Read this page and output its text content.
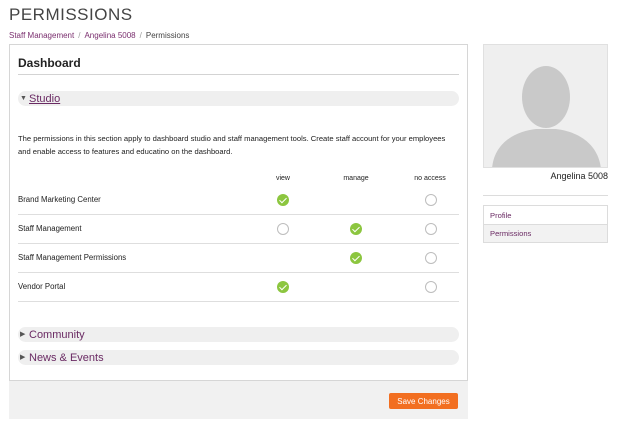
PERMISSIONS
Staff Management / Angelina 5008 / Permissions
Dashboard
▼ Studio

The permissions in this section apply to dashboard studio and staff management tools. Create staff account for your employees and enable access to features and educatino on the dashboard.

view	manage	no access
Brand Marketing Center
Staff Management
Staff Management Permissions
Vendor Portal
▶ Community
▶ News & Events
Save Changes
Angelina 5008
Profile
Permissions
